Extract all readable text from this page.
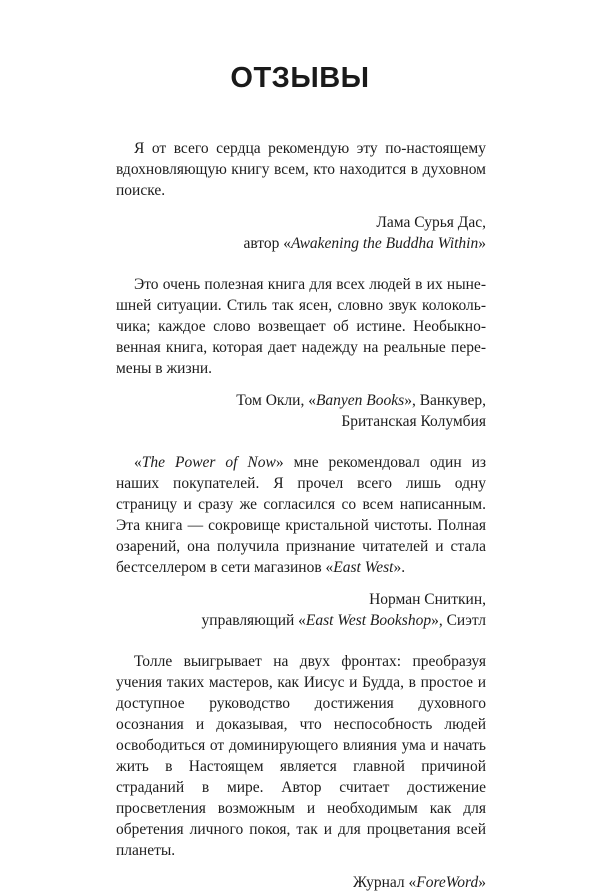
ОТЗЫВЫ

Я от всего сердца рекомендую эту по-настоящему вдохновляющую книгу всем, кто находится в духовном поиске.

Лама Сурья Дас,
автор «Awakening the Buddha Within»

Это очень полезная книга для всех людей в их нынешней ситуации. Стиль так ясен, словно звук колокольчика; каждое слово возвещает об истине. Необыкновенная книга, которая дает надежду на реальные перемены в жизни.

Том Окли, «Banyen Books», Ванкувер,
Британская Колумбия

«The Power of Now» мне рекомендовал один из наших покупателей. Я прочел всего лишь одну страницу и сразу же согласился со всем написанным. Эта книга — сокровище кристальной чистоты. Полная озарений, она получила признание читателей и стала бестселлером в сети магазинов «East West».

Норман Сниткин,
управляющий «East West Bookshop», Сиэтл

Толле выигрывает на двух фронтах: преобразуя учения таких мастеров, как Иисус и Будда, в простое и доступное руководство достижения духовного осознания и доказывая, что неспособность людей освободиться от доминирующего влияния ума и начать жить в Настоящем является главной причиной страданий в мире. Автор считает достижение просветления возможным и необходимым как для обретения личного покоя, так и для процветания всей планеты.

Журнал «ForeWord»
